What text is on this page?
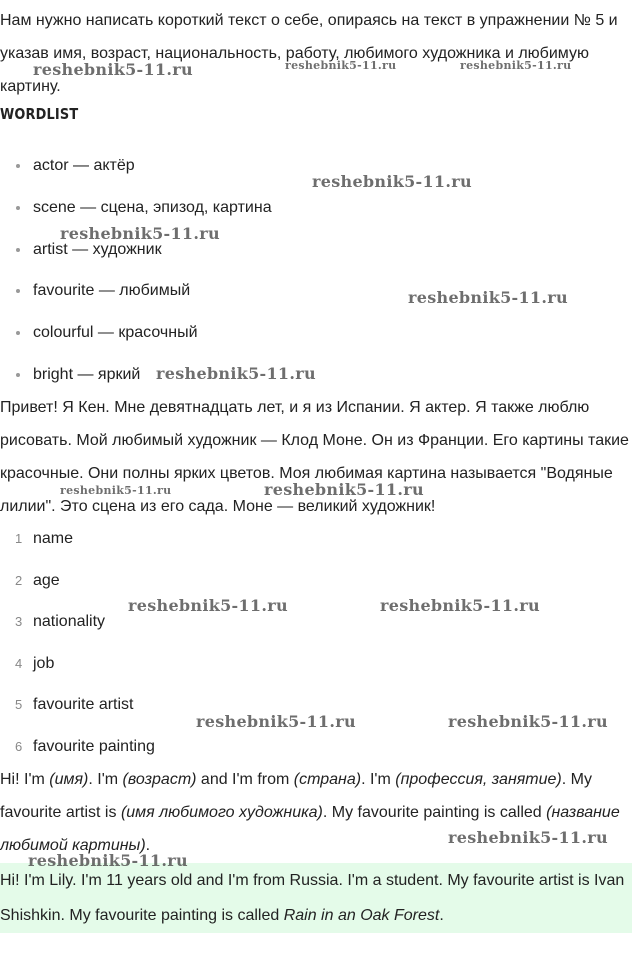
Нам нужно написать короткий текст о себе, опираясь на текст в упражнении № 5 и указав имя, возраст, национальность, работу, любимого художника и любимую картину.

WORDLIST
actor — актёр
scene — сцена, эпизод, картина
artist — художник
favourite — любимый
colourful — красочный
bright — яркий

Привет! Я Кен. Мне девятнадцать лет, и я из Испании. Я актер. Я также люблю рисовать. Мой любимый художник — Клод Моне. Он из Франции. Его картины такие красочные. Они полны ярких цветов. Моя любимая картина называется "Водяные лилии". Это сцена из его сада. Моне — великий художник!

1 name
2 age
3 nationality
4 job
5 favourite artist
6 favourite painting

Hi! I'm (имя). I'm (возраст) and I'm from (страна). I'm (профессия, занятие). My favourite artist is (имя любимого художника). My favourite painting is called (название любимой картины).

Hi! I'm Lily. I'm 11 years old and I'm from Russia. I'm a student. My favourite artist is Ivan Shishkin. My favourite painting is called Rain in an Oak Forest.

reshebnik5-11.ru	reshebnik5-11.ru	reshebnik5-11.ru
reshebnik5-11.ru
reshebnik5-11.ru
reshebnik5-11.ru
reshebnik5-11.ru
reshebnik5-11.ru	reshebnik5-11.ru
reshebnik5-11.ru	reshebnik5-11.ru
reshebnik5-11.ru	reshebnik5-11.ru
reshebnik5-11.ru
reshebnik5-11.ru
